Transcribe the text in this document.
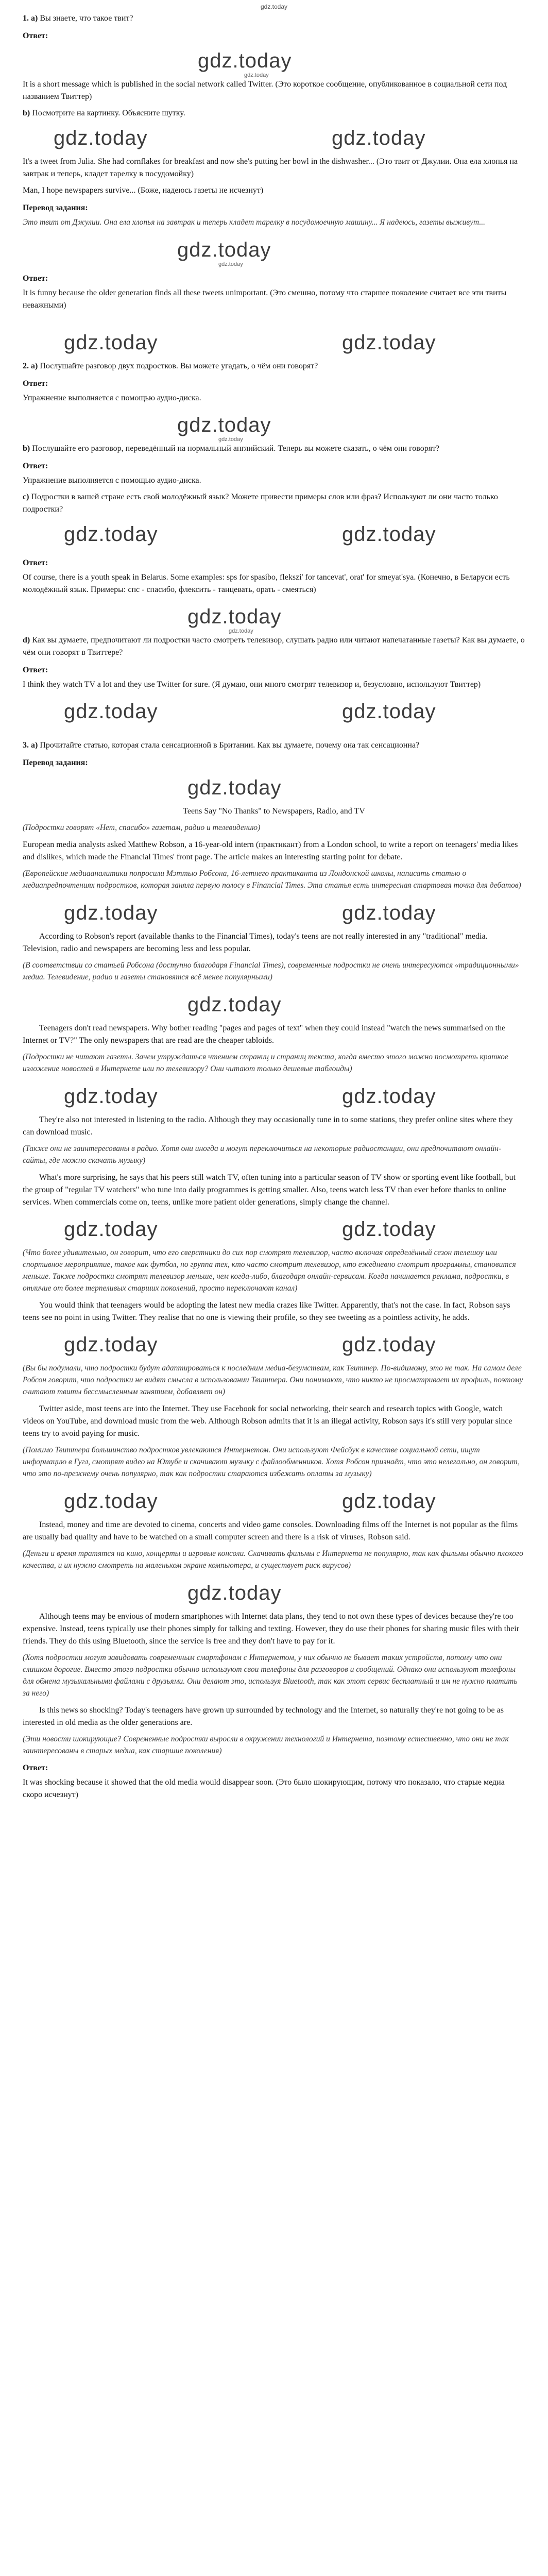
gdz.today
1. а) Вы знаете, что такое твит?
Ответ:
gdz.today
gdz.today
It is a short message which is published in the social network called Twitter. (Это короткое сообщение, опубликованное в социальной сети под названием Твиттер)
b) Посмотрите на картинку. Объясните шутку.
gdz.today	gdz.today
It's a tweet from Julia. She had cornflakes for breakfast and now she's putting her bowl in the dishwasher... (Это твит от Джулии. Она ела хлопья на завтрак и теперь, кладет тарелку в посудомойку)
Man, I hope newspapers survive... (Боже, надеюсь газеты не исчезнут)
Перевод задания:
Это твит от Джулии. Она ела хлопья на завтрак и теперь кладет тарелку в посудомоечную машину... Я надеюсь, газеты выживут...
gdz.today
gdz.today
Ответ:
It is funny because the older generation finds all these tweets unimportant. (Это смешно, потому что старшее поколение считает все эти твиты неважными)
gdz.today	gdz.today
2. а) Послушайте разговор двух подростков. Вы можете угадать, о чём они говорят?
Ответ:
Упражнение выполняется с помощью аудио-диска.
gdz.today
gdz.today
b) Послушайте его разговор, переведённый на нормальный английский. Теперь вы можете сказать, о чём они говорят?
Ответ:
Упражнение выполняется с помощью аудио-диска.
c) Подростки в вашей стране есть свой молодёжный язык? Можете привести примеры слов или фраз? Используют ли они часто только подростки?
gdz.today	gdz.today
Ответ:
Of course, there is a youth speak in Belarus. Some examples: sps for spasibo, flekszi' for tancevat', orat' for smeyat'sya. (Конечно, в Беларуси есть молодёжный язык. Примеры: спс - спасибо, флексить - танцевать, орать - смеяться)
gdz.today
gdz.today
d) Как вы думаете, предпочитают ли подростки часто смотреть телевизор, слушать радио или читают напечатанные газеты? Как вы думаете, о чём они говорят в Твиттере?
Ответ:
I think they watch TV a lot and they use Twitter for sure. (Я думаю, они много смотрят телевизор и, безусловно, используют Твиттер)
gdz.today	gdz.today
3. а) Прочитайте статью, которая стала сенсационной в Британии. Как вы думаете, почему она так сенсационна?
Перевод задания:
gdz.today
Teens Say "No Thanks" to Newspapers, Radio, and TV
(Подростки говорят «Нет, спасибо» газетам, радио и телевидению)
European media analysts asked Matthew Robson, a 16-year-old intern (практикант) from a London school, to write a report on teenagers' media likes and dislikes, which made the Financial Times' front page. The article makes an interesting starting point for debate.
(Европейские медиааналитики попросили Мэттью Робсона, 16-летнего практиканта из Лондонской школы, написать статью о медиапредпочтениях подростков, которая заняла первую полосу в Financial Times. Эта статья есть интересная стартовая точка для дебатов)
gdz.today	gdz.today
According to Robson's report (available thanks to the Financial Times), today's teens are not really interested in any "traditional" media. Television, radio and newspapers are becoming less and less popular.
(В соответствии со статьей Робсона (доступно благодаря Financial Times), современные подростки не очень интересуются «традиционными» медиа. Телевидение, радио и газеты становятся всё менее популярными)
gdz.today
Teenagers don't read newspapers. Why bother reading "pages and pages of text" when they could instead "watch the news summarised on the Internet or TV?" The only newspapers that are read are the cheaper tabloids.
(Подростки не читают газеты. Зачем утруждаться чтением страниц и страниц текста, когда вместо этого можно посмотреть краткое изложение новостей в Интернете или по телевизору? Они читают только дешевые таблоиды)
gdz.today	gdz.today
They're also not interested in listening to the radio. Although they may occasionally tune in to some stations, they prefer online sites where they can download music.
(Также они не заинтересованы в радио. Хотя они иногда и могут переключиться на некоторые радиостанции, они предпочитают онлайн-сайты, где можно скачать музыку)
What's more surprising, he says that his peers still watch TV, often tuning into a particular season of TV show or sporting event like football, but the group of "regular TV watchers" who tune into daily programmes is getting smaller. Also, teens watch less TV than ever before thanks to online services. When commercials come on, teens, unlike more patient older generations, simply change the channel.
gdz.today	gdz.today
(Что более удивительно, он говорит, что его сверстники до сих пор смотрят телевизор, часто включая определённый сезон телешоу или спортивное мероприятие, такое как футбол, но группа тех, кто часто смотрит телевизор, кто ежедневно смотрит программы, становится меньше. Также подростки смотрят телевизор меньше, чем когда-либо, благодаря онлайн-сервисам. Когда начинается реклама, подростки, в отличие от более терпеливых старших поколений, просто переключают канал)
You would think that teenagers would be adopting the latest new media crazes like Twitter. Apparently, that's not the case. In fact, Robson says teens see no point in using Twitter. They realise that no one is viewing their profile, so they see tweeting as a pointless activity, he adds.
gdz.today	gdz.today
(Вы бы подумали, что подростки будут адаптироваться к последним медиа-безумствам, как Твиттер. По-видимому, это не так. На самом деле Робсон говорит, что подростки не видят смысла в использовании Твиттера. Они понимают, что никто не просматривает их профиль, поэтому считают твиты бессмысленным занятием, добавляет он)
Twitter aside, most teens are into the Internet. They use Facebook for social networking, their search and research topics with Google, watch videos on YouTube, and download music from the web. Although Robson admits that it is an illegal activity, Robson says it's still very popular since teens try to avoid paying for music.
(Помимо Твиттера большинство подростков увлекаются Интернетом. Они используют Фейсбук в качестве социальной сети, ищут информацию в Гугл, смотрят видео на Ютубе и скачивают музыку с файлообменников. Хотя Робсон признаёт, что это нелегально, он говорит, что это по-прежнему очень популярно, так как подростки стараются избежать оплаты за музыку)
gdz.today	gdz.today
Instead, money and time are devoted to cinema, concerts and video game consoles. Downloading films off the Internet is not popular as the films are usually bad quality and have to be watched on a small computer screen and there is a risk of viruses, Robson said.
(Деньги и время тратятся на кино, концерты и игровые консоли. Скачивать фильмы с Интернета не популярно, так как фильмы обычно плохого качества, и их нужно смотреть на маленьком экране компьютера, и существует риск вирусов)
gdz.today
Although teens may be envious of modern smartphones with Internet data plans, they tend to not own these types of devices because they're too expensive. Instead, teens typically use their phones simply for talking and texting. However, they do use their phones for sharing music files with their friends. They do this using Bluetooth, since the service is free and they don't have to pay for it.
(Хотя подростки могут завидовать современным смартфонам с Интернетом, у них обычно не бывает таких устройств, потому что они слишком дорогие. Вместо этого подростки обычно используют свои телефоны для разговоров и сообщений. Однако они используют телефоны для обмена музыкальными файлами с друзьями. Они делают это, используя Bluetooth, так как этот сервис бесплатный и им не нужно платить за него)
Is this news so shocking? Today's teenagers have grown up surrounded by technology and the Internet, so naturally they're not going to be as interested in old media as the older generations are.
(Эти новости шокирующие? Современные подростки выросли в окружении технологий и Интернета, поэтому естественно, что они не так заинтересованы в старых медиа, как старшие поколения)
Ответ:
It was shocking because it showed that the old media would disappear soon. (Это было шокирующим, потому что показало, что старые медиа скоро исчезнут)
